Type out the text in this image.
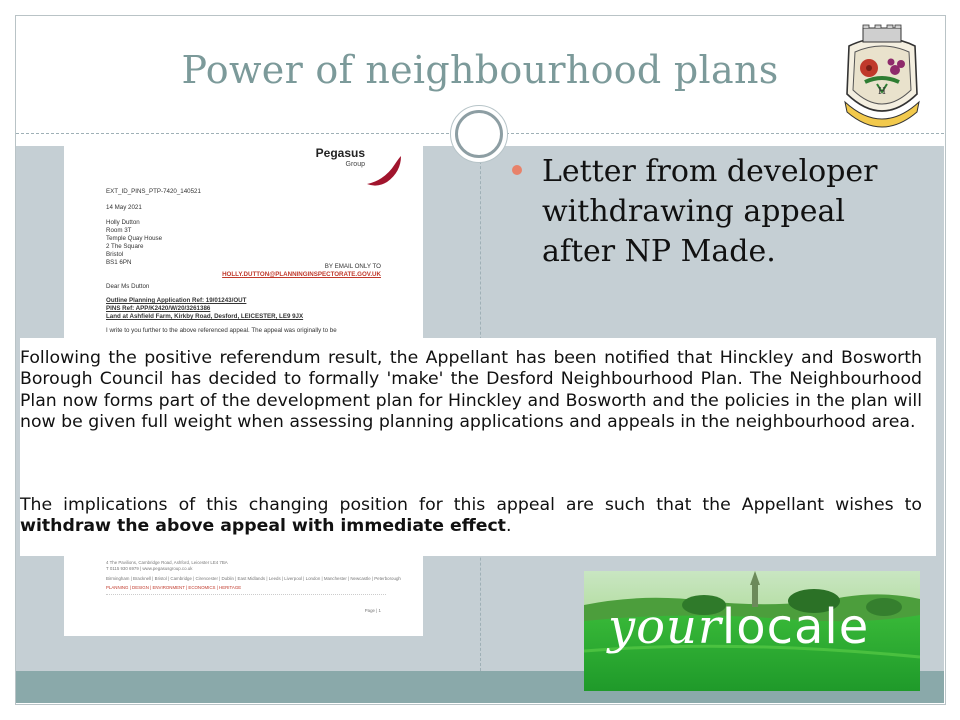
Power of neighbourhood plans	H
Pegasus
Group
EXT_ID_PINS_PTP-7420_140521
14 May 2021
Holly Dutton
Room 3T
Temple Quay House
2 The Square
Bristol
BS1 6PN
BY EMAIL ONLY TO
HOLLY.DUTTON@PLANNINGINSPECTORATE.GOV.UK
Dear Ms Dutton
Outline Planning Application Ref: 19/01243/OUT
PINS Ref: APP/K2420/W/20/3261386
Land at Ashfield Farm, Kirkby Road, Desford, LEICESTER, LE9 9JX
I write to you further to the above referenced appeal. The appeal was originally to be
4 The Pavilions, Cambridge Road, Ashford, Leicester LE4 7BA
T 0115 930 6979 | www.pegasusgroup.co.uk
Birmingham | Bracknell | Bristol | Cambridge | Cirencester | Dublin | East Midlands | Leeds | Liverpool | London | Manchester | Newcastle | Peterborough
PLANNING | DESIGN | ENVIRONMENT | ECONOMICS | HERITAGE
Page | 1
Letter from developer withdrawing appeal after NP Made.

Following the positive referendum result, the Appellant has been notified that Hinckley and Bosworth Borough Council has decided to formally 'make' the Desford Neighbourhood Plan. The Neighbourhood Plan now forms part of the development plan for Hinckley and Bosworth and the policies in the plan will now be given full weight when assessing planning applications and appeals in the neighbourhood area.

The implications of this changing position for this appeal are such that the Appellant wishes to withdraw the above appeal with immediate effect.

yourlocale
